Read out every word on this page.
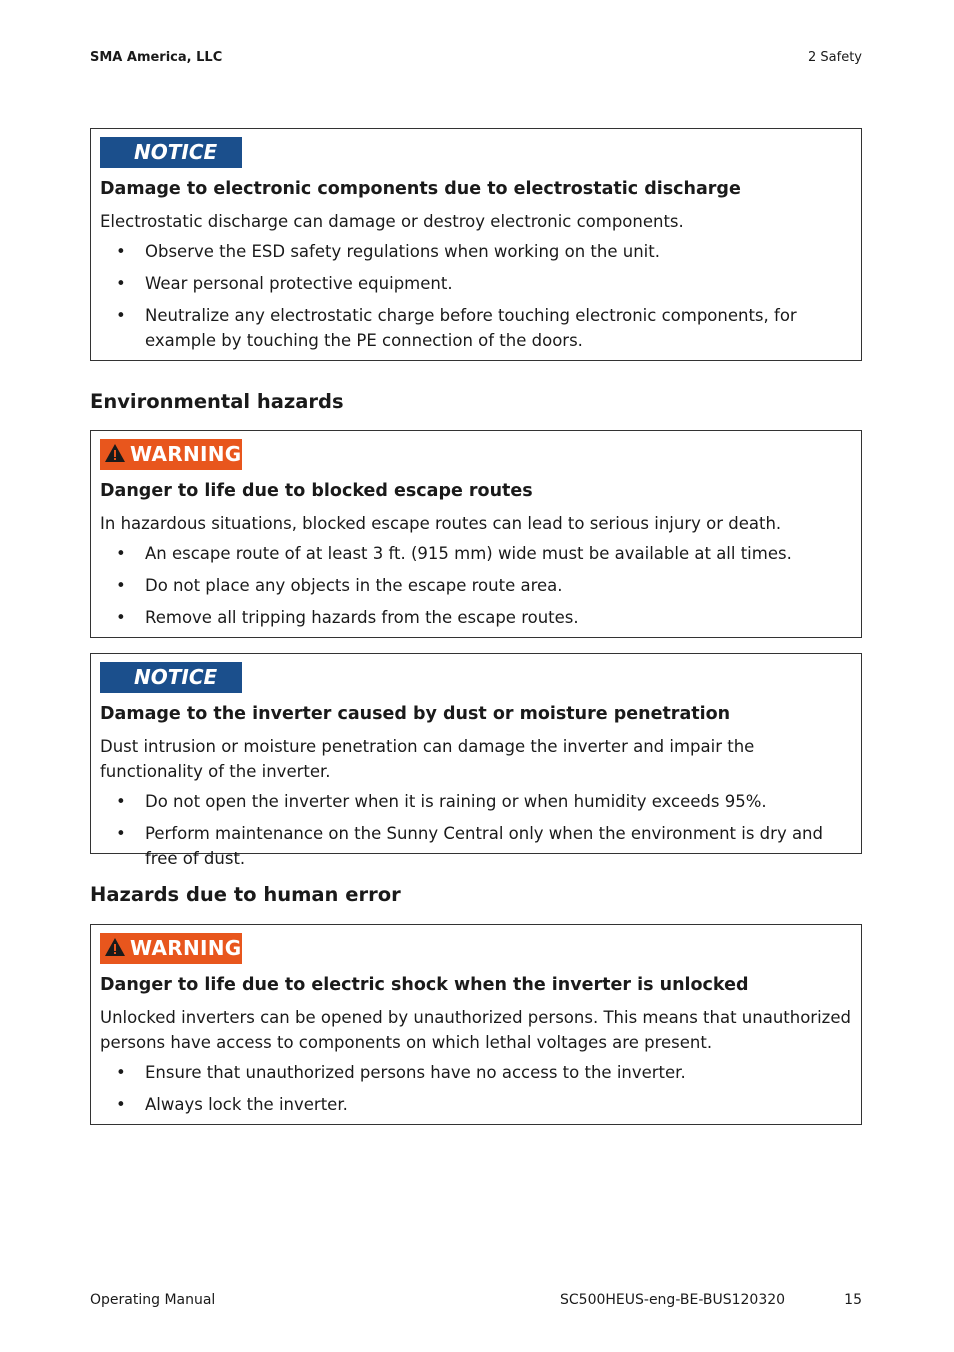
SMA America, LLC	2 Safety
NOTICE

Damage to electronic components due to electrostatic discharge

Electrostatic discharge can damage or destroy electronic components.

• Observe the ESD safety regulations when working on the unit.
• Wear personal protective equipment.
• Neutralize any electrostatic charge before touching electronic components, for example by touching the PE connection of the doors.
Environmental hazards
WARNING

Danger to life due to blocked escape routes

In hazardous situations, blocked escape routes can lead to serious injury or death.

• An escape route of at least 3 ft. (915 mm) wide must be available at all times.
• Do not place any objects in the escape route area.
• Remove all tripping hazards from the escape routes.
NOTICE

Damage to the inverter caused by dust or moisture penetration

Dust intrusion or moisture penetration can damage the inverter and impair the functionality of the inverter.

• Do not open the inverter when it is raining or when humidity exceeds 95%.
• Perform maintenance on the Sunny Central only when the environment is dry and free of dust.
Hazards due to human error
WARNING

Danger to life due to electric shock when the inverter is unlocked

Unlocked inverters can be opened by unauthorized persons. This means that unauthorized persons have access to components on which lethal voltages are present.

• Ensure that unauthorized persons have no access to the inverter.
• Always lock the inverter.
Operating Manual	SC500HEUS-eng-BE-BUS120320	15
